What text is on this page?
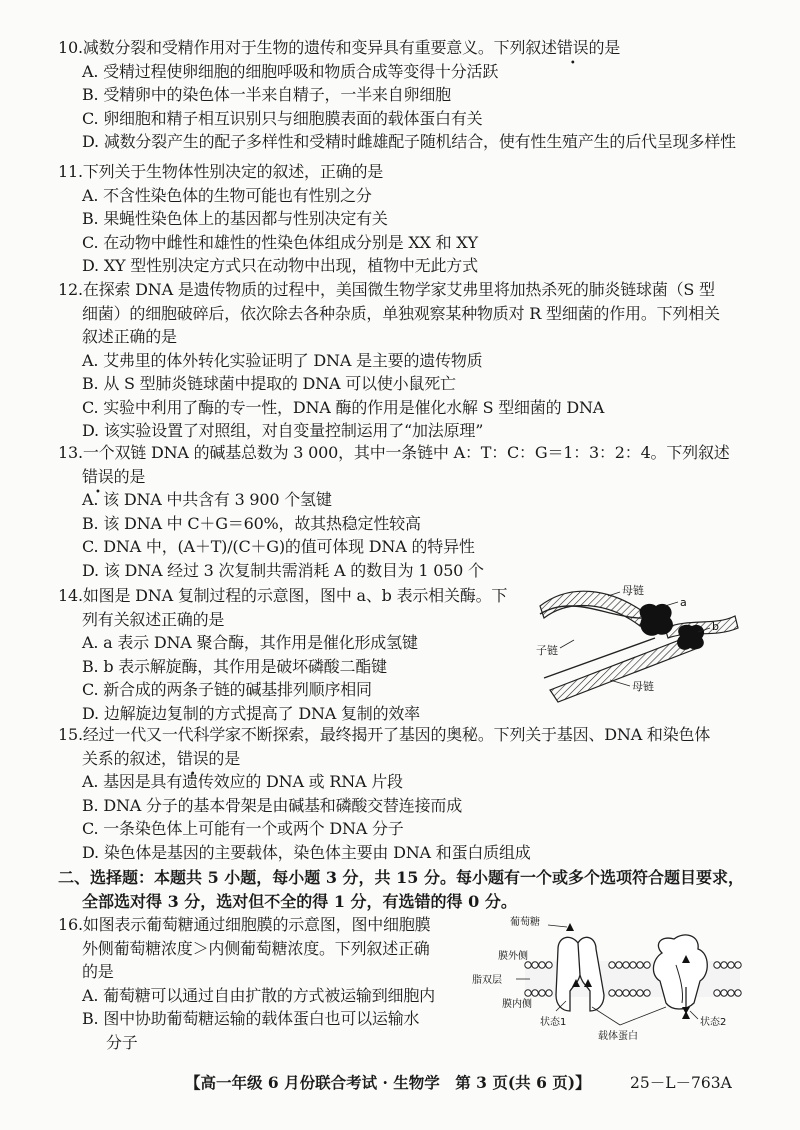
10.减数分裂和受精作用对于生物的遗传和变异具有重要意义。下列叙述错误的是

A. 受精过程使卵细胞的细胞呼吸和物质合成等变得十分活跃

B. 受精卵中的染色体一半来自精子，一半来自卵细胞

C. 卵细胞和精子相互识别只与细胞膜表面的载体蛋白有关

D. 减数分裂产生的配子多样性和受精时雌雄配子随机结合，使有性生殖产生的后代呈现多样性

11.下列关于生物体性别决定的叙述，正确的是

A. 不含性染色体的生物可能也有性别之分

B. 果蝇性染色体上的基因都与性别决定有关

C. 在动物中雌性和雄性的性染色体组成分别是 XX 和 XY

D. XY 型性别决定方式只在动物中出现，植物中无此方式

12.在探索 DNA 是遗传物质的过程中，美国微生物学家艾弗里将加热杀死的肺炎链球菌（S 型

细菌）的细胞破碎后，依次除去各种杂质，单独观察某种物质对 R 型细菌的作用。下列相关

叙述正确的是

A. 艾弗里的体外转化实验证明了 DNA 是主要的遗传物质

B. 从 S 型肺炎链球菌中提取的 DNA 可以使小鼠死亡

C. 实验中利用了酶的专一性，DNA 酶的作用是催化水解 S 型细菌的 DNA

D. 该实验设置了对照组，对自变量控制运用了“加法原理”

13.一个双链 DNA 的碱基总数为 3 000，其中一条链中 A：T：C：G＝1：3：2：4。下列叙述

错误的是

A. 该 DNA 中共含有 3 900 个氢键

B. 该 DNA 中 C＋G＝60%，故其热稳定性较高

C. DNA 中，(A＋T)/(C＋G)的值可体现 DNA 的特异性

D. 该 DNA 经过 3 次复制共需消耗 A 的数目为 1 050 个

14.如图是 DNA 复制过程的示意图，图中 a、b 表示相关酶。下

列有关叙述正确的是

A. a 表示 DNA 聚合酶，其作用是催化形成氢键

B. b 表示解旋酶，其作用是破坏磷酸二酯键

C. 新合成的两条子链的碱基排列顺序相同

D. 边解旋边复制的方式提高了 DNA 复制的效率

母链
a
b
子链
母链

15.经过一代又一代科学家不断探索，最终揭开了基因的奥秘。下列关于基因、DNA 和染色体

关系的叙述，错误的是

A. 基因是具有遗传效应的 DNA 或 RNA 片段

B. DNA 分子的基本骨架是由碱基和磷酸交替连接而成

C. 一条染色体上可能有一个或两个 DNA 分子

D. 染色体是基因的主要载体，染色体主要由 DNA 和蛋白质组成

二、选择题：本题共 5 小题，每小题 3 分，共 15 分。每小题有一个或多个选项符合题目要求，
全部选对得 3 分，选对但不全的得 1 分，有选错的得 0 分。

16.如图表示葡萄糖通过细胞膜的示意图，图中细胞膜

外侧葡萄糖浓度＞内侧葡萄糖浓度。下列叙述正确

的是

A. 葡萄糖可以通过自由扩散的方式被运输到细胞内

B. 图中协助葡萄糖运输的载体蛋白也可以运输水

分子

葡萄糖
膜外侧
脂双层
膜内侧
状态1	状态2
载体蛋白
【高一年级 6 月份联合考试 · 生物学　第 3 页(共 6 页)】	25－L－763A
